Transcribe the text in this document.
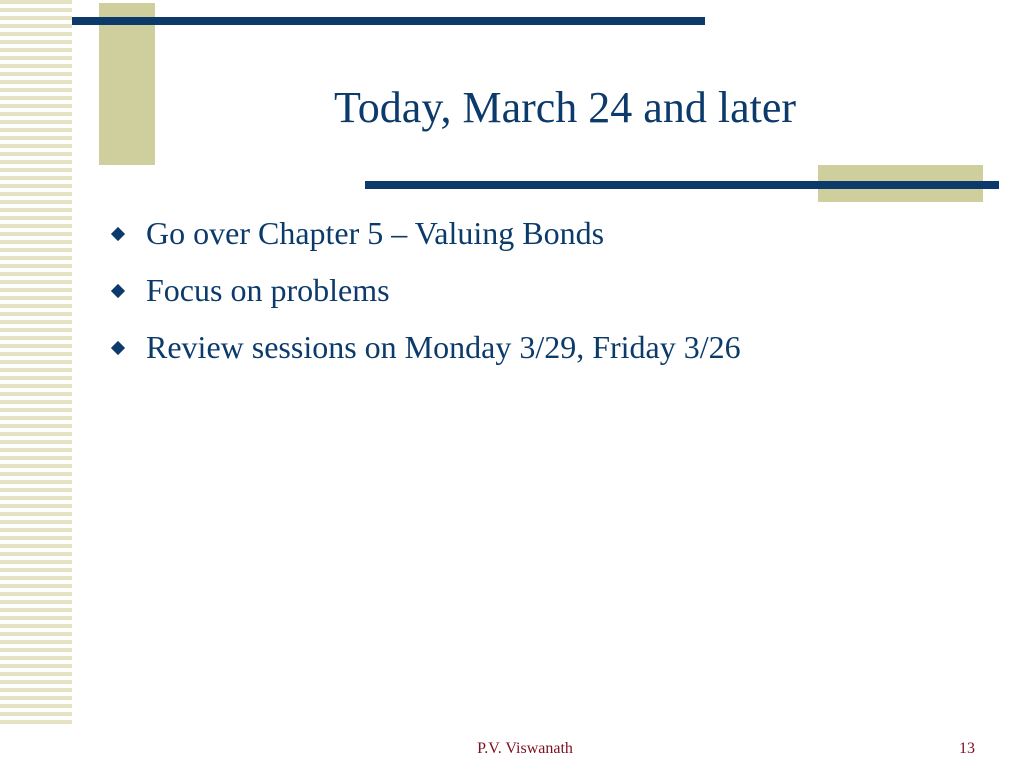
Today, March 24 and later
Go over Chapter 5 – Valuing Bonds
Focus on problems
Review sessions on Monday 3/29, Friday 3/26
P.V. Viswanath	13
